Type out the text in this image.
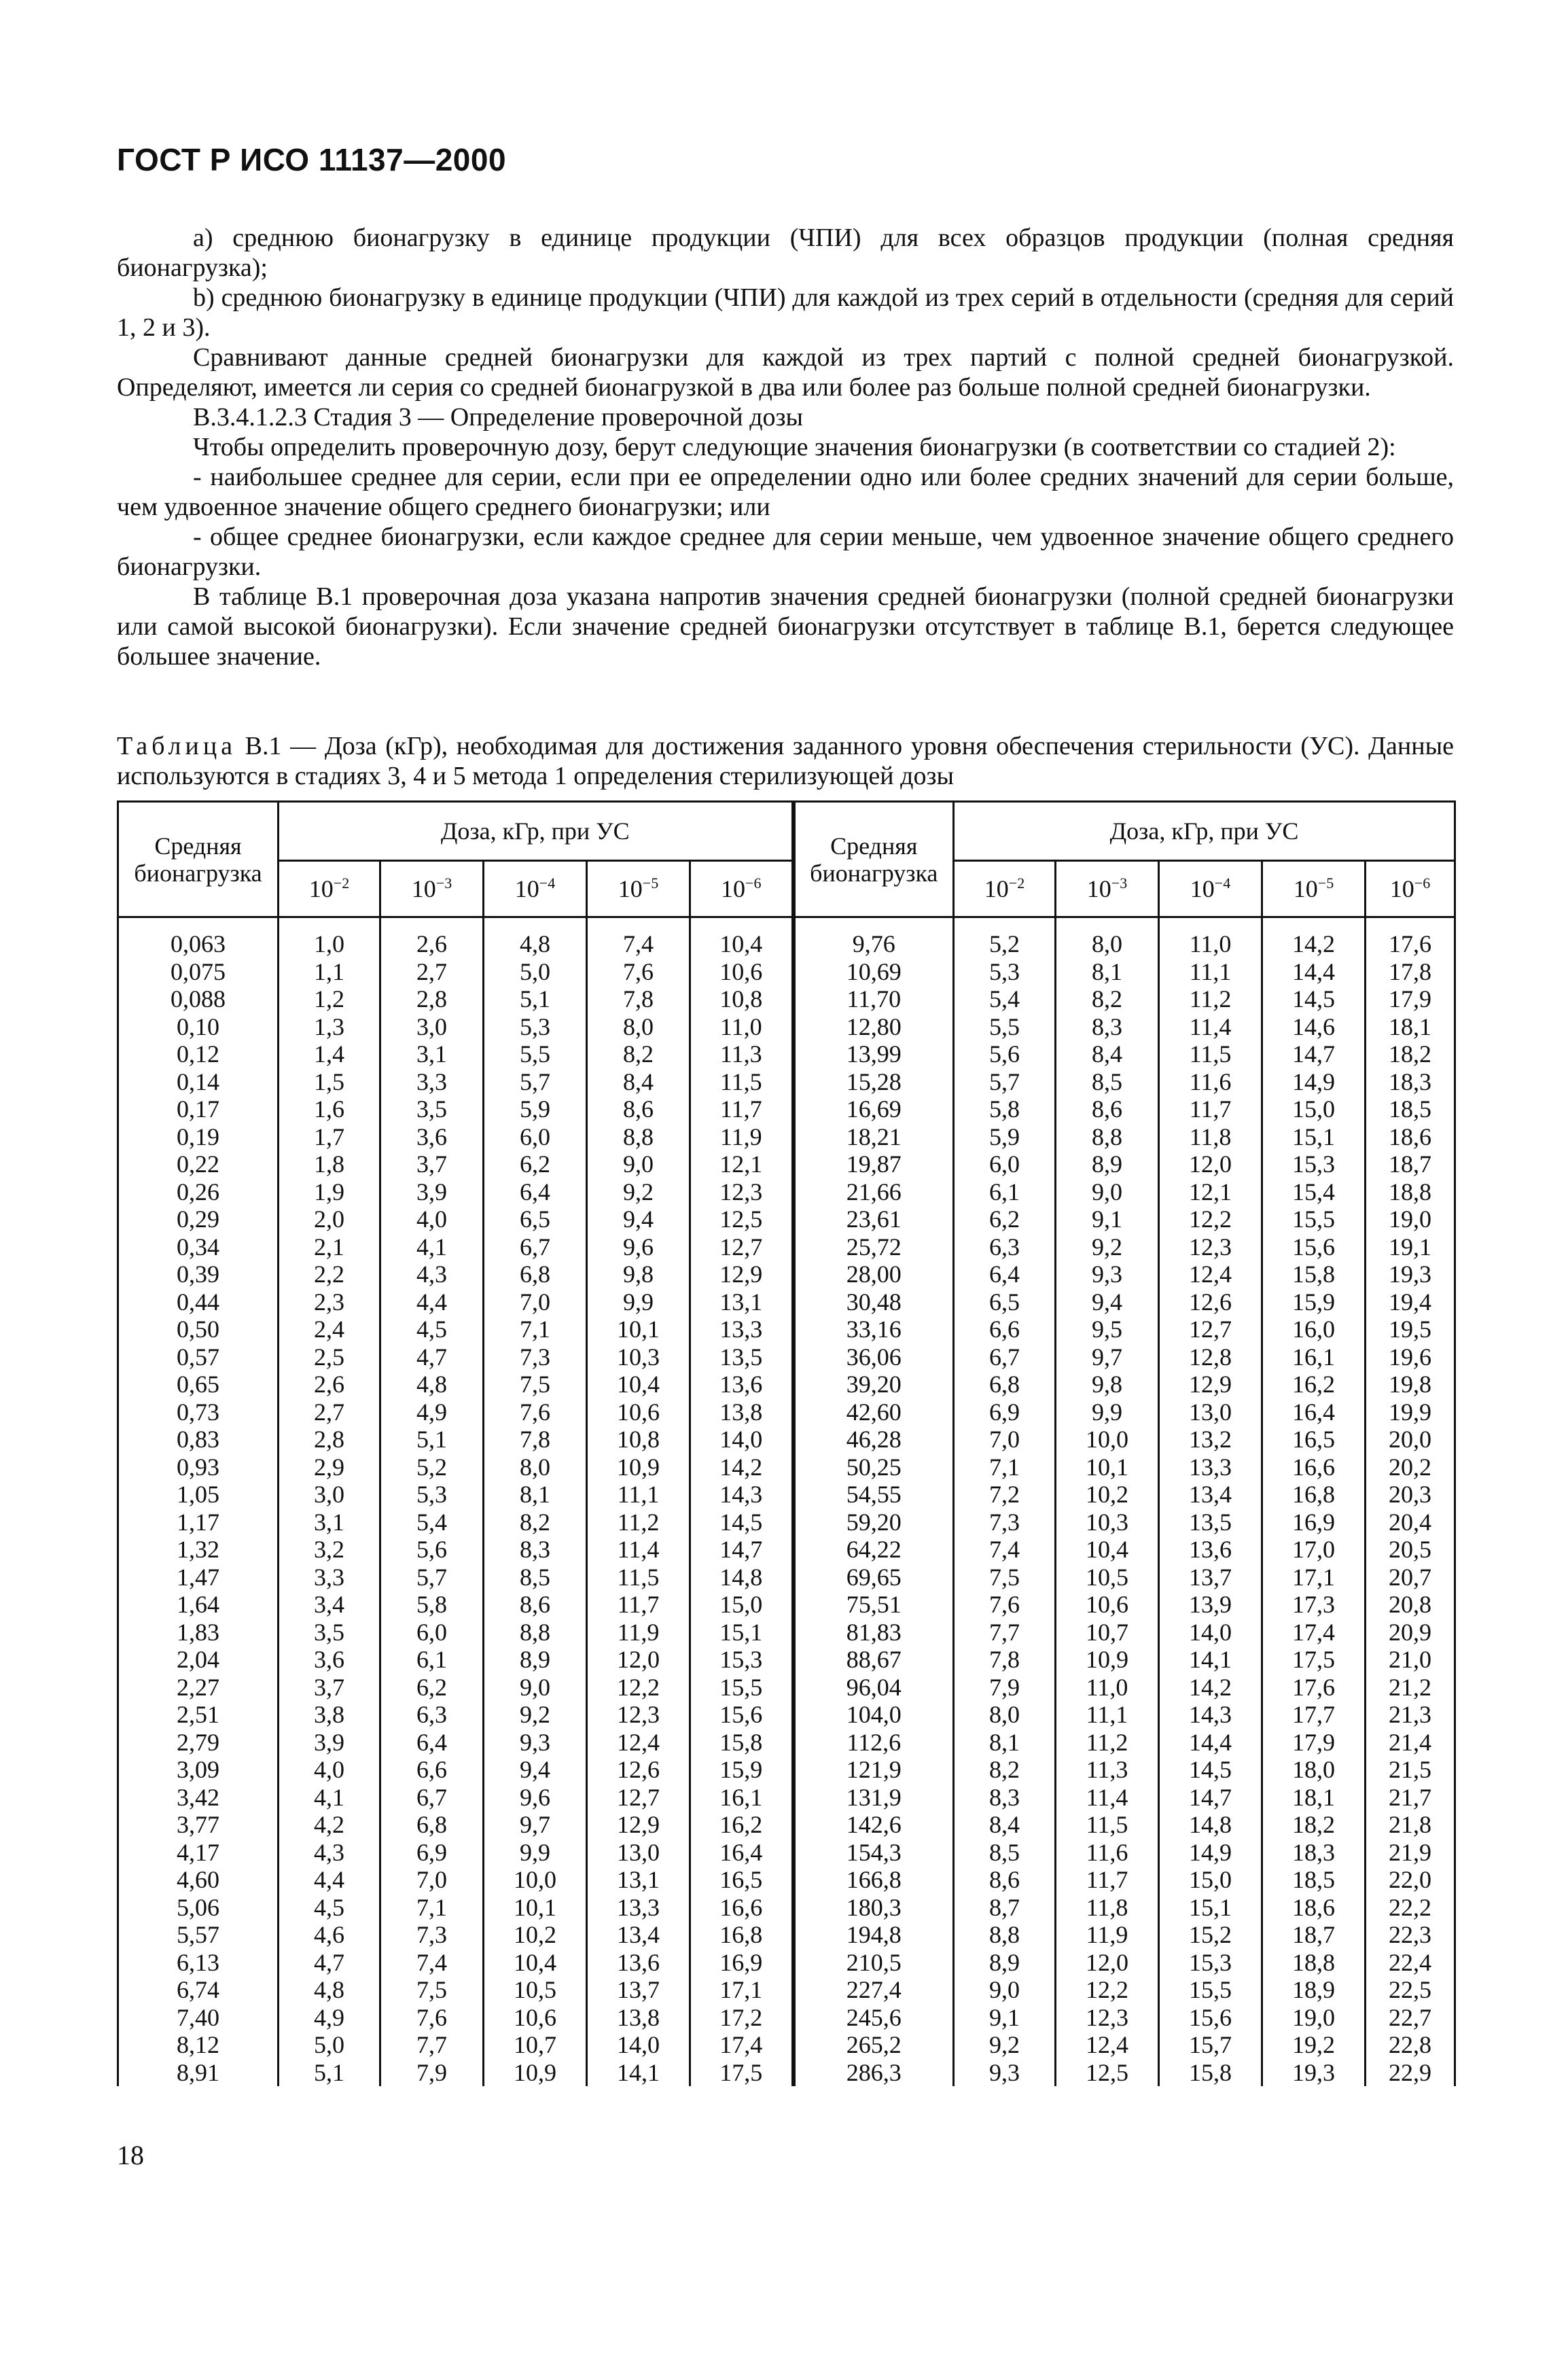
ГОСТ Р ИСО 11137—2000

a) среднюю бионагрузку в единице продукции (ЧПИ) для всех образцов продукции (полная средняя бионагрузка);

b) среднюю бионагрузку в единице продукции (ЧПИ) для каждой из трех серий в отдельности (средняя для серий 1, 2 и 3).

Сравнивают данные средней бионагрузки для каждой из трех партий с полной средней бионагрузкой. Определяют, имеется ли серия со средней бионагрузкой в два или более раз больше полной средней бионагрузки.

В.3.4.1.2.3 Стадия 3 — Определение проверочной дозы

Чтобы определить проверочную дозу, берут следующие значения бионагрузки (в соответствии со стадией 2):

- наибольшее среднее для серии, если при ее определении одно или более средних значений для серии больше, чем удвоенное значение общего среднего бионагрузки; или

- общее среднее бионагрузки, если каждое среднее для серии меньше, чем удвоенное значение общего среднего бионагрузки.

В таблице В.1 проверочная доза указана напротив значения средней бионагрузки (полной средней бионагрузки или самой высокой бионагрузки). Если значение средней бионагрузки отсутствует в таблице В.1, берется следующее большее значение.

Таблица В.1 — Доза (кГр), необходимая для достижения заданного уровня обеспечения стерильности (УС). Данные используются в стадиях 3, 4 и 5 метода 1 определения стерилизующей дозы
Средняя бионагрузка	Доза, кГр, при УС					Средняя бионагрузка	Доза, кГр, при УС				
	$10^{-2}$	$10^{-3}$	$10^{-4}$	$10^{-5}$	$10^{-6}$		$10^{-2}$	$10^{-3}$	$10^{-4}$	$10^{-5}$	$10^{-6}$
0,063	1,0	2,6	4,8	7,4	10,4	9,76	5,2	8,0	11,0	14,2	17,6
0,075	1,1	2,7	5,0	7,6	10,6	10,69	5,3	8,1	11,1	14,4	17,8
0,088	1,2	2,8	5,1	7,8	10,8	11,70	5,4	8,2	11,2	14,5	17,9
0,10	1,3	3,0	5,3	8,0	11,0	12,80	5,5	8,3	11,4	14,6	18,1
0,12	1,4	3,1	5,5	8,2	11,3	13,99	5,6	8,4	11,5	14,7	18,2
0,14	1,5	3,3	5,7	8,4	11,5	15,28	5,7	8,5	11,6	14,9	18,3
0,17	1,6	3,5	5,9	8,6	11,7	16,69	5,8	8,6	11,7	15,0	18,5
0,19	1,7	3,6	6,0	8,8	11,9	18,21	5,9	8,8	11,8	15,1	18,6
0,22	1,8	3,7	6,2	9,0	12,1	19,87	6,0	8,9	12,0	15,3	18,7
0,26	1,9	3,9	6,4	9,2	12,3	21,66	6,1	9,0	12,1	15,4	18,8
0,29	2,0	4,0	6,5	9,4	12,5	23,61	6,2	9,1	12,2	15,5	19,0
0,34	2,1	4,1	6,7	9,6	12,7	25,72	6,3	9,2	12,3	15,6	19,1
0,39	2,2	4,3	6,8	9,8	12,9	28,00	6,4	9,3	12,4	15,8	19,3
0,44	2,3	4,4	7,0	9,9	13,1	30,48	6,5	9,4	12,6	15,9	19,4
0,50	2,4	4,5	7,1	10,1	13,3	33,16	6,6	9,5	12,7	16,0	19,5
0,57	2,5	4,7	7,3	10,3	13,5	36,06	6,7	9,7	12,8	16,1	19,6
0,65	2,6	4,8	7,5	10,4	13,6	39,20	6,8	9,8	12,9	16,2	19,8
0,73	2,7	4,9	7,6	10,6	13,8	42,60	6,9	9,9	13,0	16,4	19,9
0,83	2,8	5,1	7,8	10,8	14,0	46,28	7,0	10,0	13,2	16,5	20,0
0,93	2,9	5,2	8,0	10,9	14,2	50,25	7,1	10,1	13,3	16,6	20,2
1,05	3,0	5,3	8,1	11,1	14,3	54,55	7,2	10,2	13,4	16,8	20,3
1,17	3,1	5,4	8,2	11,2	14,5	59,20	7,3	10,3	13,5	16,9	20,4
1,32	3,2	5,6	8,3	11,4	14,7	64,22	7,4	10,4	13,6	17,0	20,5
1,47	3,3	5,7	8,5	11,5	14,8	69,65	7,5	10,5	13,7	17,1	20,7
1,64	3,4	5,8	8,6	11,7	15,0	75,51	7,6	10,6	13,9	17,3	20,8
1,83	3,5	6,0	8,8	11,9	15,1	81,83	7,7	10,7	14,0	17,4	20,9
2,04	3,6	6,1	8,9	12,0	15,3	88,67	7,8	10,9	14,1	17,5	21,0
2,27	3,7	6,2	9,0	12,2	15,5	96,04	7,9	11,0	14,2	17,6	21,2
2,51	3,8	6,3	9,2	12,3	15,6	104,0	8,0	11,1	14,3	17,7	21,3
2,79	3,9	6,4	9,3	12,4	15,8	112,6	8,1	11,2	14,4	17,9	21,4
3,09	4,0	6,6	9,4	12,6	15,9	121,9	8,2	11,3	14,5	18,0	21,5
3,42	4,1	6,7	9,6	12,7	16,1	131,9	8,3	11,4	14,7	18,1	21,7
3,77	4,2	6,8	9,7	12,9	16,2	142,6	8,4	11,5	14,8	18,2	21,8
4,17	4,3	6,9	9,9	13,0	16,4	154,3	8,5	11,6	14,9	18,3	21,9
4,60	4,4	7,0	10,0	13,1	16,5	166,8	8,6	11,7	15,0	18,5	22,0
5,06	4,5	7,1	10,1	13,3	16,6	180,3	8,7	11,8	15,1	18,6	22,2
5,57	4,6	7,3	10,2	13,4	16,8	194,8	8,8	11,9	15,2	18,7	22,3
6,13	4,7	7,4	10,4	13,6	16,9	210,5	8,9	12,0	15,3	18,8	22,4
6,74	4,8	7,5	10,5	13,7	17,1	227,4	9,0	12,2	15,5	18,9	22,5
7,40	4,9	7,6	10,6	13,8	17,2	245,6	9,1	12,3	15,6	19,0	22,7
8,12	5,0	7,7	10,7	14,0	17,4	265,2	9,2	12,4	15,7	19,2	22,8
8,91	5,1	7,9	10,9	14,1	17,5	286,3	9,3	12,5	15,8	19,3	22,9
18
